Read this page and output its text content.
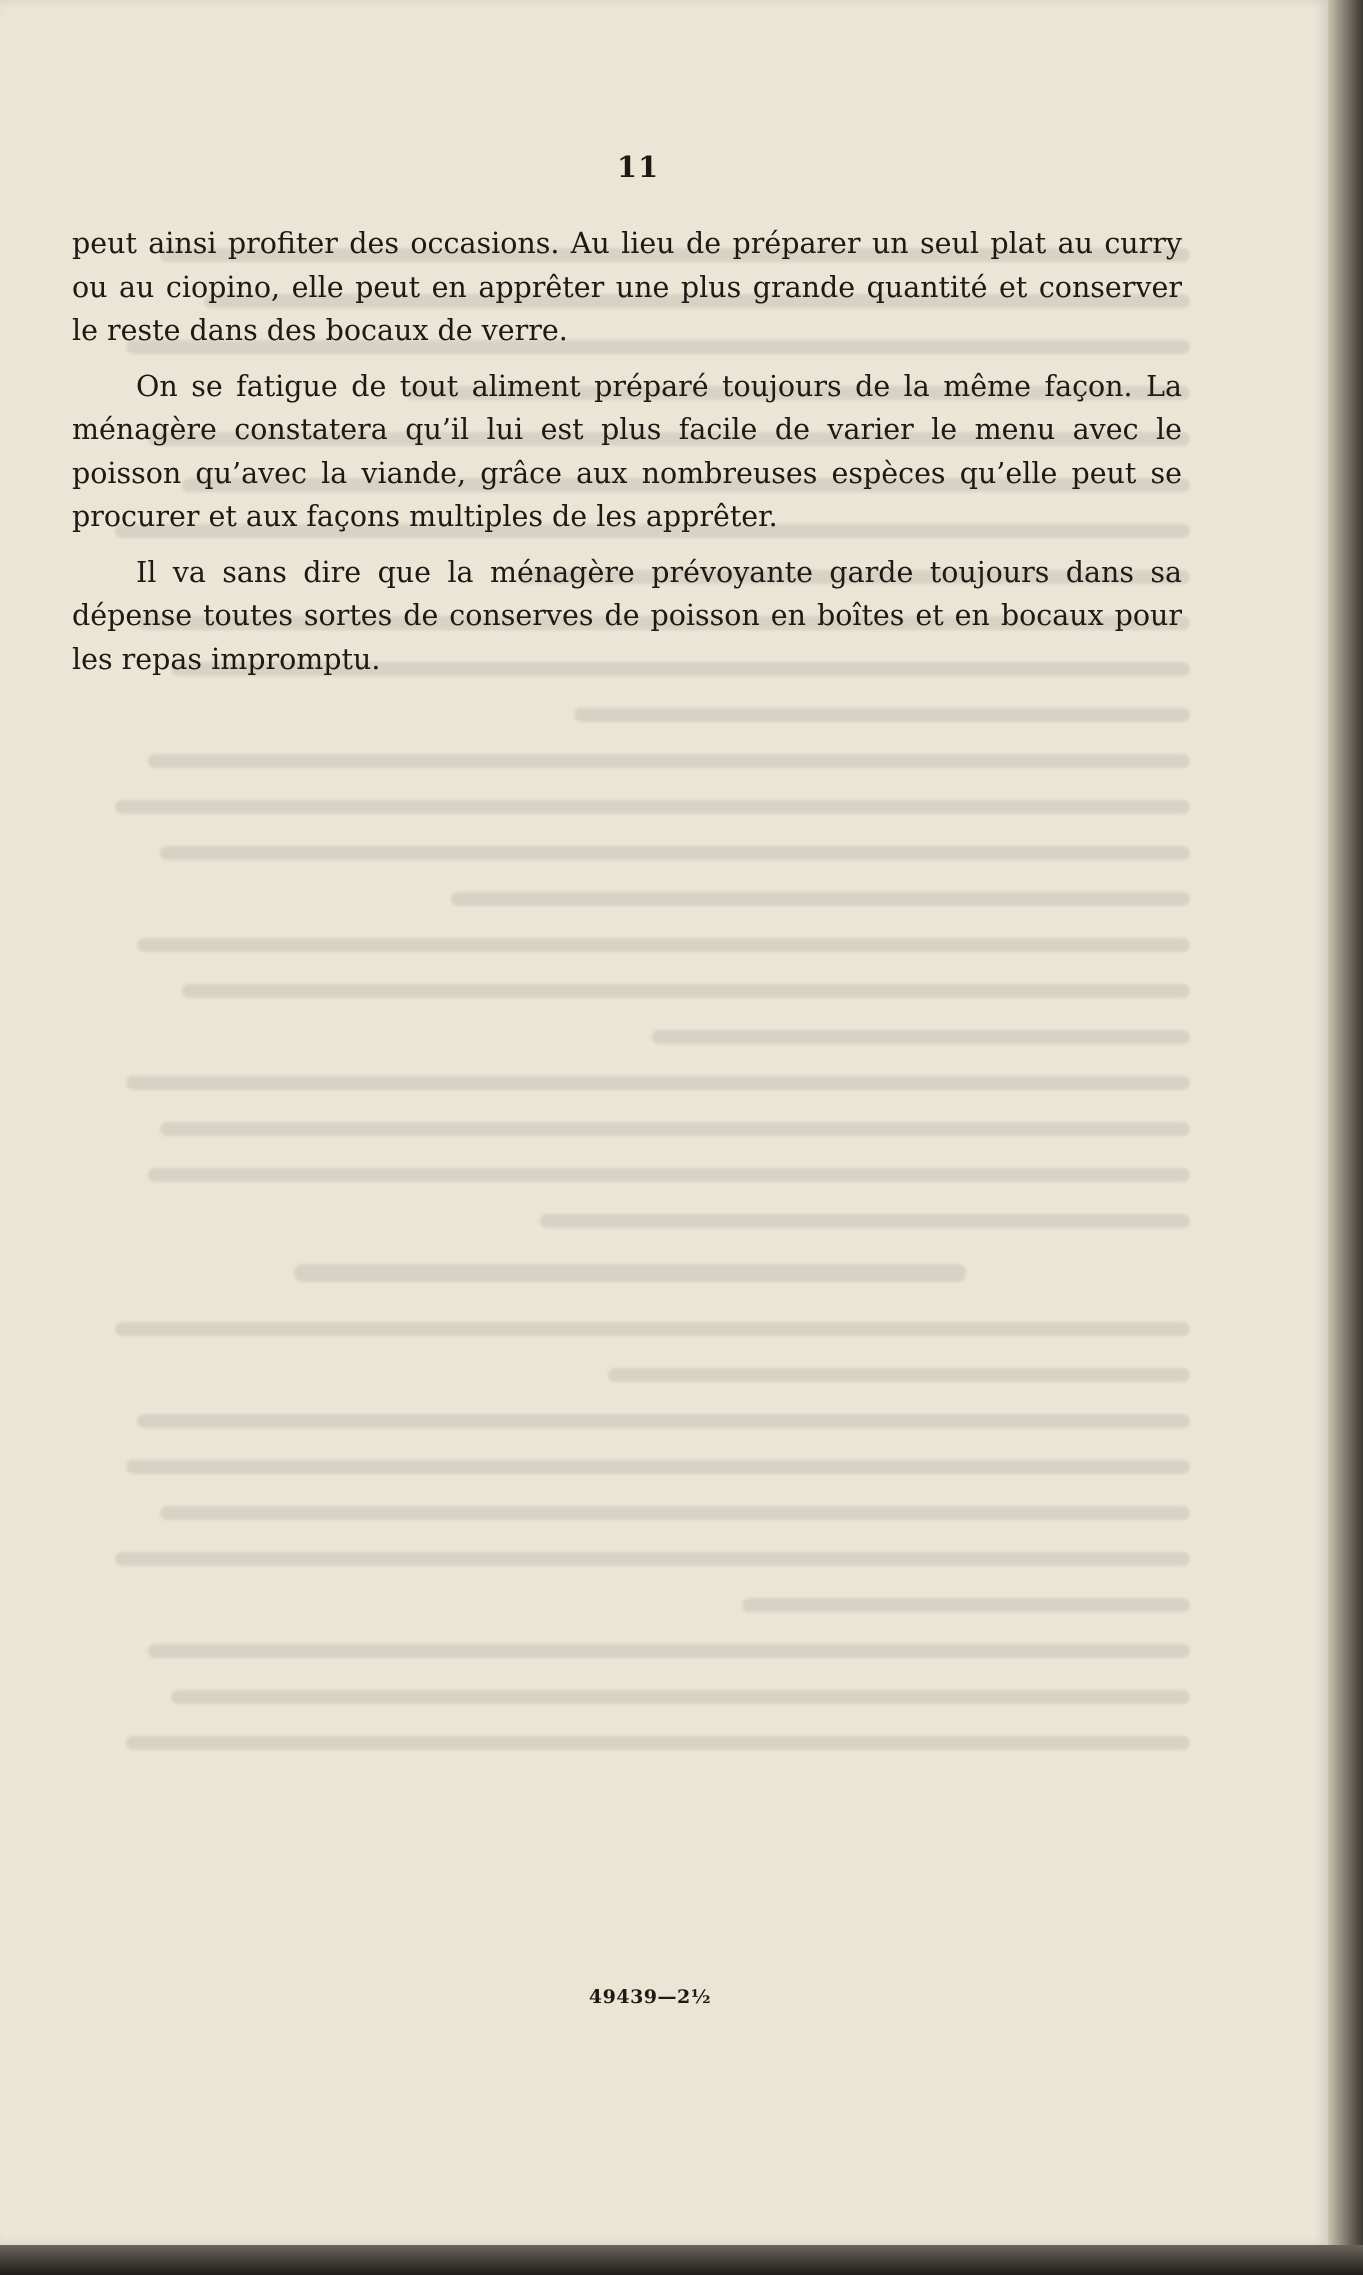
11

peut ainsi profiter des occasions. Au lieu de préparer un seul plat au curry ou au ciopino, elle peut en apprêter une plus grande quantité et conserver le reste dans des bocaux de verre.

On se fatigue de tout aliment préparé toujours de la même façon. La ménagère constatera qu’il lui est plus facile de varier le menu avec le poisson qu’avec la viande, grâce aux nombreuses espèces qu’elle peut se procurer et aux façons multiples de les apprêter.

Il va sans dire que la ménagère prévoyante garde toujours dans sa dépense toutes sortes de conserves de poisson en boîtes et en bocaux pour les repas impromptu.

49439—2½
